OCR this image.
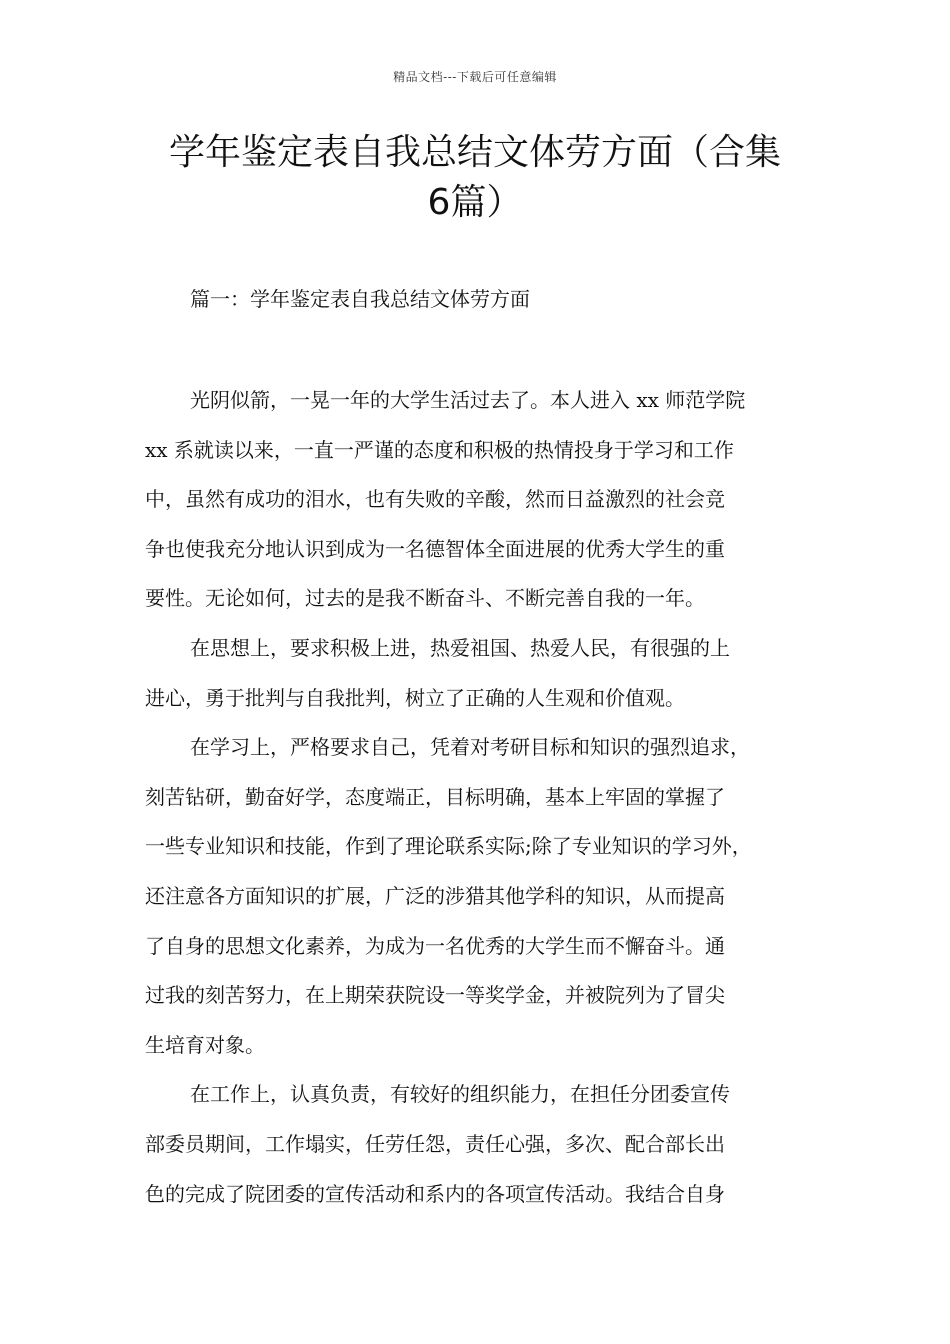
精品文档---下载后可任意编辑
学年鉴定表自我总结文体劳方面（合集
6篇）
篇一：学年鉴定表自我总结文体劳方面

光阴似箭，一晃一年的大学生活过去了。本人进入 xx 师范学院
xx 系就读以来，一直一严谨的态度和积极的热情投身于学习和工作
中，虽然有成功的泪水，也有失败的辛酸，然而日益激烈的社会竞
争也使我充分地认识到成为一名德智体全面进展的优秀大学生的重
要性。无论如何，过去的是我不断奋斗、不断完善自我的一年。

在思想上，要求积极上进，热爱祖国、热爱人民，有很强的上
进心，勇于批判与自我批判，树立了正确的人生观和价值观。

在学习上，严格要求自己，凭着对考研目标和知识的强烈追求，
刻苦钻研，勤奋好学，态度端正，目标明确，基本上牢固的掌握了
一些专业知识和技能，作到了理论联系实际;除了专业知识的学习外，
还注意各方面知识的扩展，广泛的涉猎其他学科的知识，从而提高
了自身的思想文化素养，为成为一名优秀的大学生而不懈奋斗。通
过我的刻苦努力，在上期荣获院设一等奖学金，并被院列为了冒尖
生培育对象。

在工作上，认真负责，有较好的组织能力，在担任分团委宣传
部委员期间，工作塌实，任劳任怨，责任心强，多次、配合部长出
色的完成了院团委的宣传活动和系内的各项宣传活动。我结合自身
